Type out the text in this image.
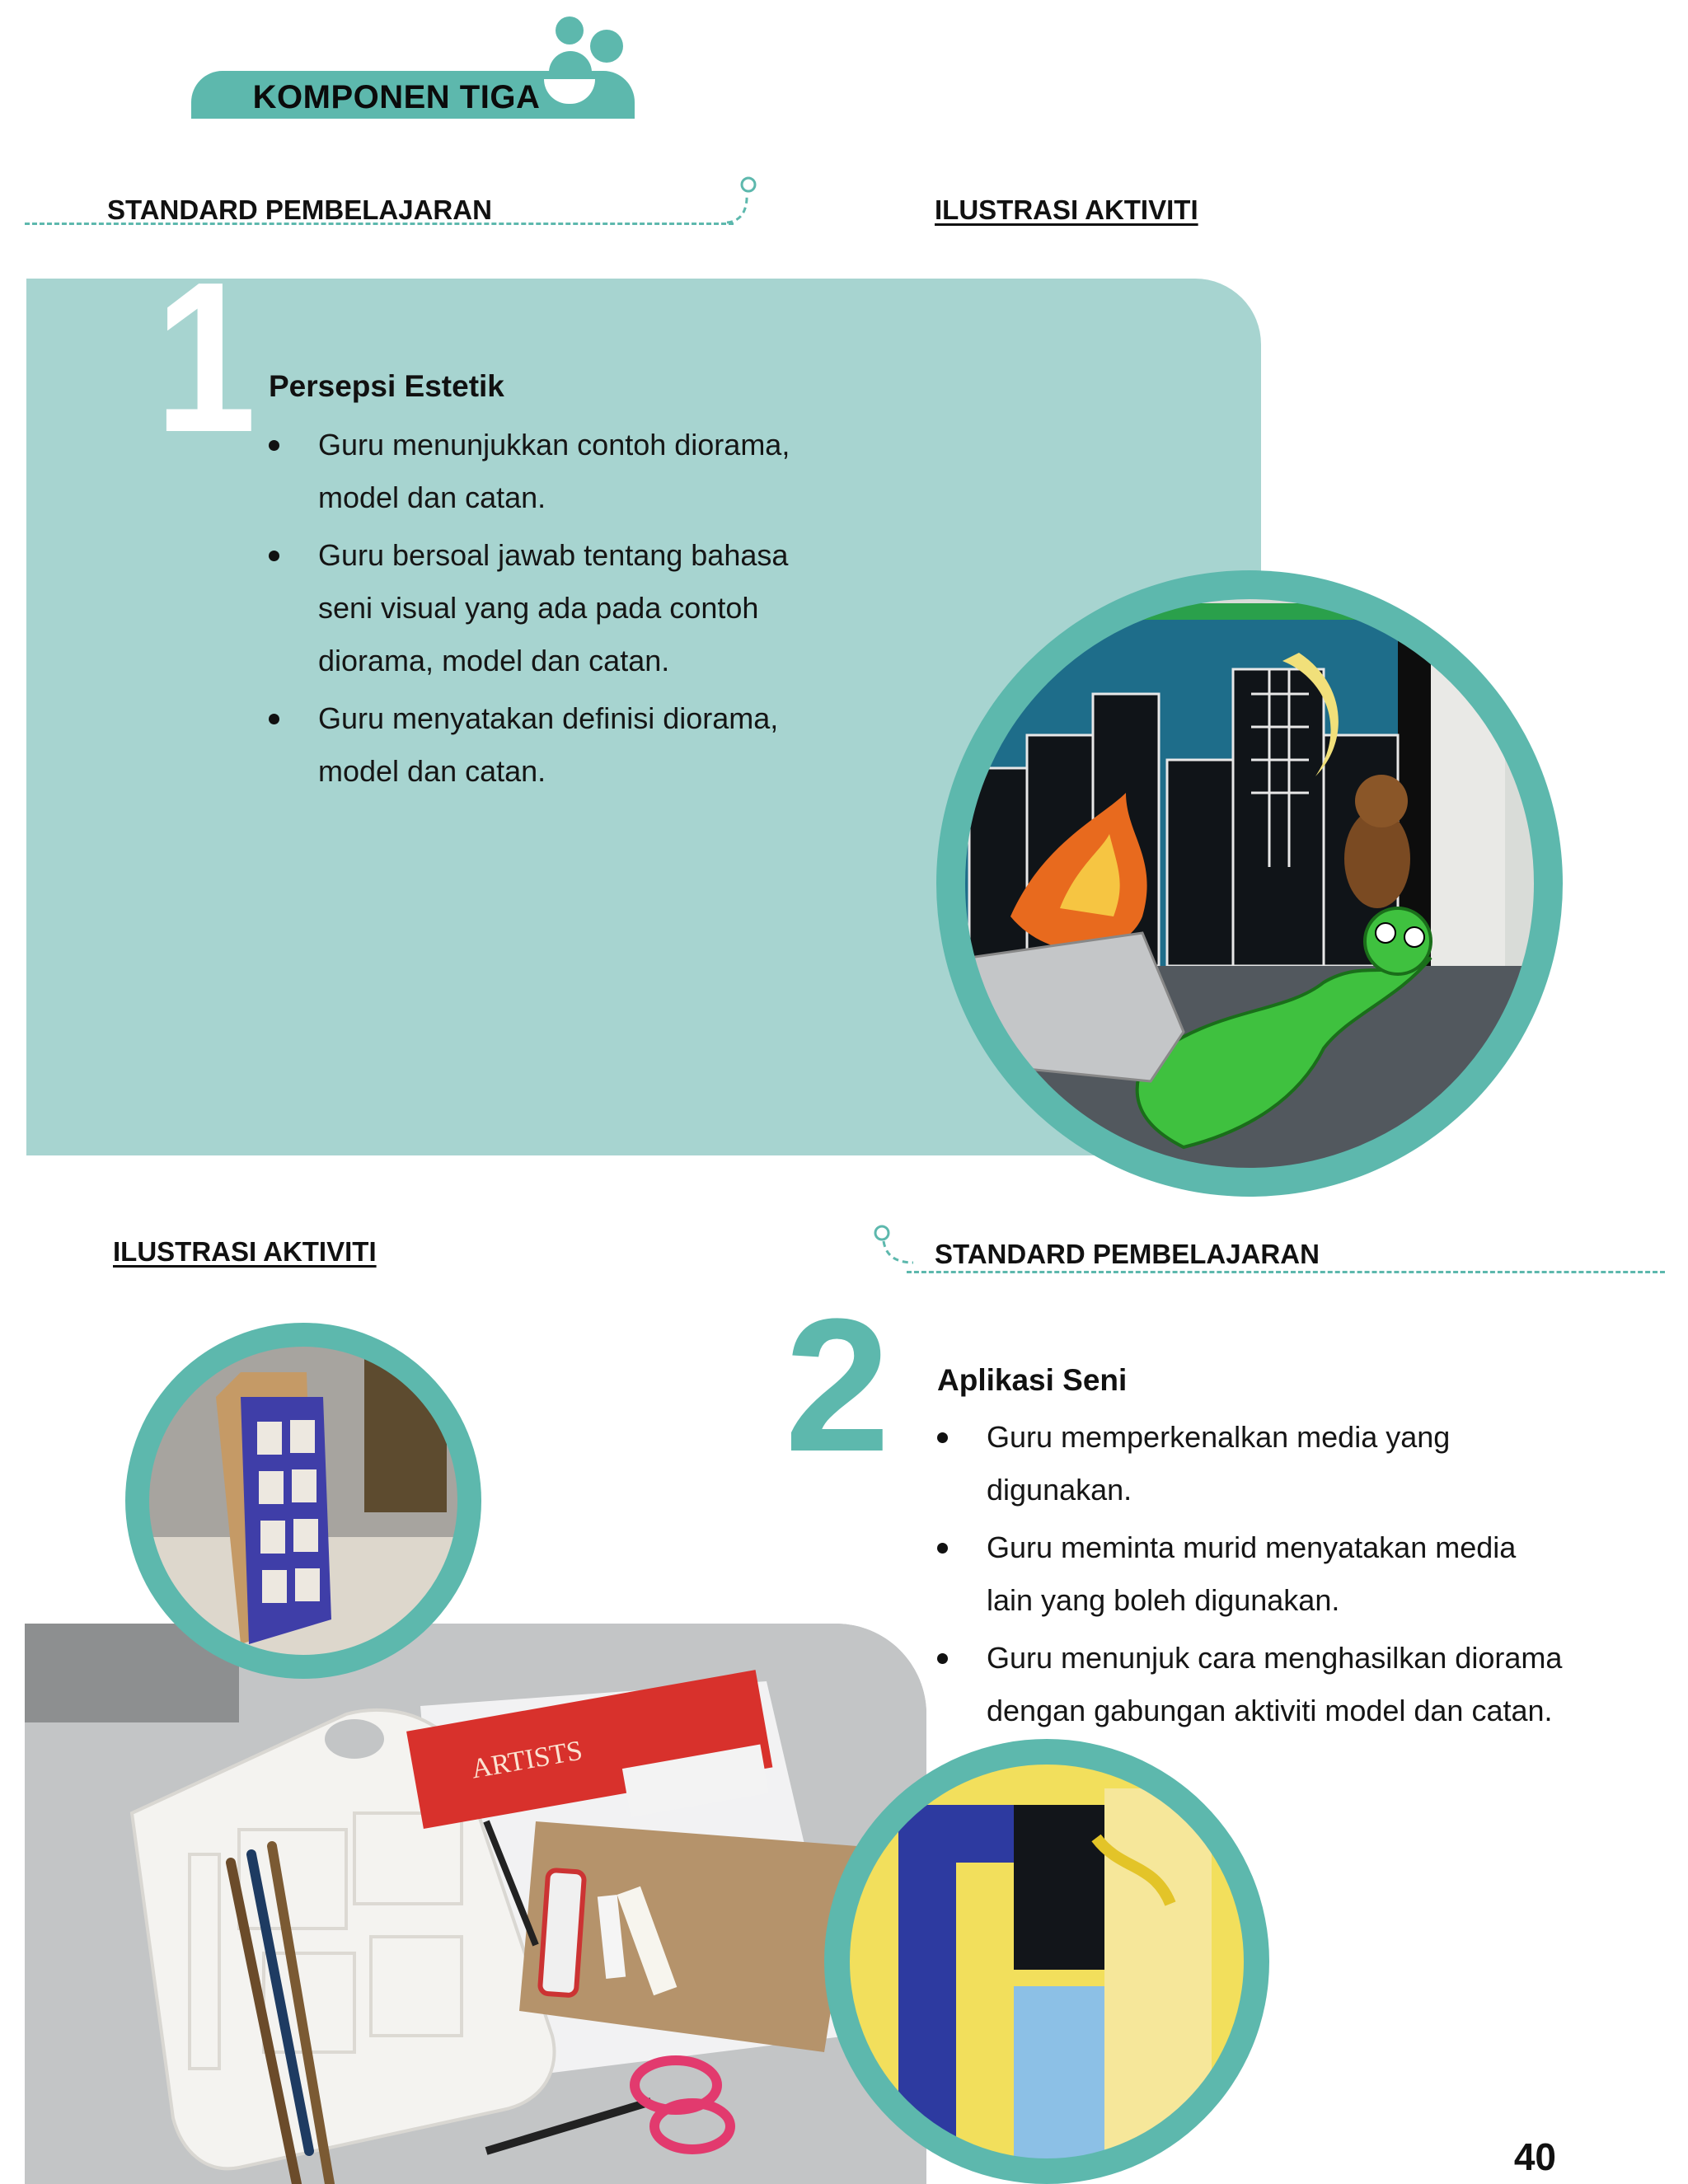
KOMPONEN TIGA
STANDARD PEMBELAJARAN	ILUSTRASI AKTIVITI
1 Persepsi Estetik
Guru menunjukkan contoh diorama,
model dan catan.
Guru bersoal jawab tentang bahasa
seni visual yang ada pada contoh
diorama, model dan catan.
Guru menyatakan definisi diorama,
model dan catan.
ILUSTRASI AKTIVITI	STANDARD PEMBELAJARAN
2 Aplikasi Seni
Guru memperkenalkan media yang
digunakan.
Guru meminta murid menyatakan media
lain yang boleh digunakan.
Guru menunjuk cara menghasilkan diorama
dengan gabungan aktiviti model dan catan.
ARTISTS
40
